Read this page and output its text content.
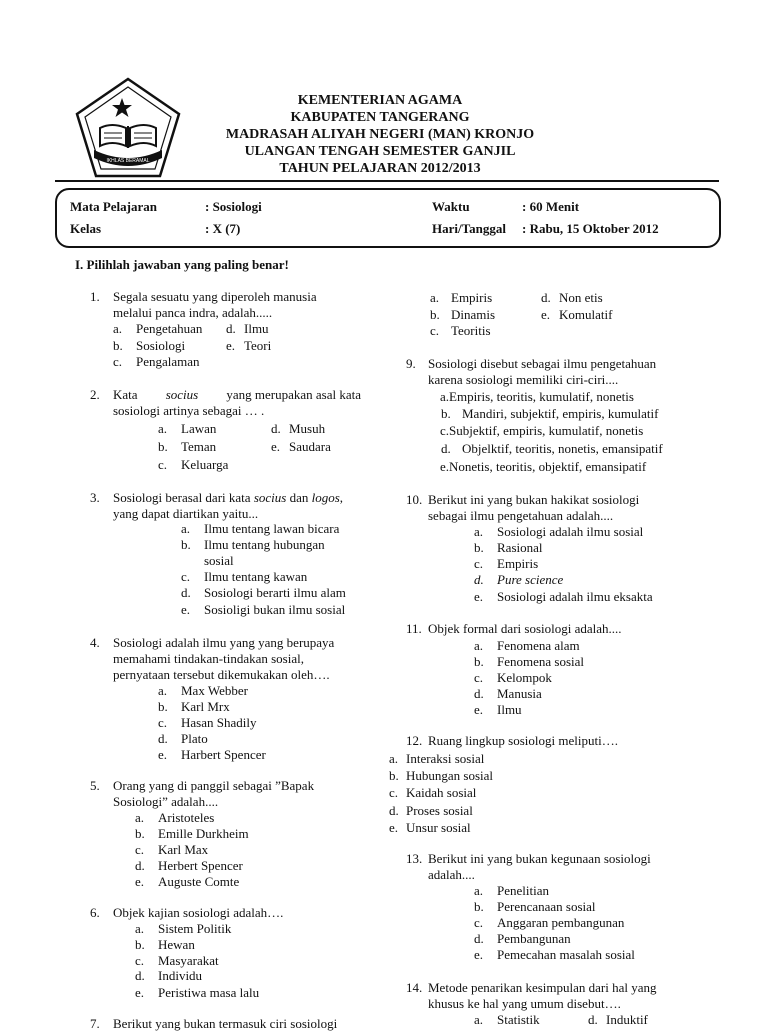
IKHLAS BERAMAL
KEMENTERIAN AGAMA
KABUPATEN TANGERANG
MADRASAH ALIYAH NEGERI (MAN) KRONJO
ULANGAN TENGAH SEMESTER GANJIL
TAHUN PELAJARAN 2012/2013
Mata Pelajaran	: Sosiologi	Waktu	: 60 Menit
Kelas	: X (7)	Hari/Tanggal : Rabu, 15 Oktober 2012
I. Pilihlah jawaban yang paling benar!
1. Segala sesuatu yang diperoleh manusia
melalui panca indra, adalah.....
a. Pengetahuan d. Ilmu
b. Sosiologi	e. Teori
c. Pengalaman
2. Kata socius yang merupakan asal kata
sosiologi artinya sebagai … .
a. Lawan	d. Musuh
b. Teman	e. Saudara
c. Keluarga
3. Sosiologi berasal dari kata socius dan logos,
yang dapat diartikan yaitu...
a. Ilmu tentang lawan bicara
b. Ilmu tentang hubungan
sosial
c. Ilmu tentang kawan
d. Sosiologi berarti ilmu alam
e. Sosioligi bukan ilmu sosial
4. Sosiologi adalah ilmu yang yang berupaya
memahami tindakan-tindakan sosial,
pernyataan tersebut dikemukakan oleh….
a. Max Webber
b. Karl Mrx
c. Hasan Shadily
d. Plato
e. Harbert Spencer
5. Orang yang di panggil sebagai ”Bapak
Sosiologi” adalah....
a. Aristoteles
b. Emille Durkheim
c. Karl Max
d. Herbert Spencer
e. Auguste Comte
6. Objek kajian sosiologi adalah….
a. Sistem Politik
b. Hewan
c. Masyarakat
d. Individu
e. Peristiwa masa lalu
7. Berikut yang bukan termasuk ciri sosiologi
a. Empiris	d. Non etis
b. Dinamis	e. Komulatif
c. Teoritis
9. Sosiologi disebut sebagai ilmu pengetahuan
karena sosiologi memiliki ciri-ciri....
a.Empiris, teoritis, kumulatif, nonetis
b. Mandiri, subjektif, empiris, kumulatif
c.Subjektif, empiris, kumulatif, nonetis
d. Objelktif, teoritis, nonetis, emansipatif
e.Nonetis, teoritis, objektif, emansipatif
10. Berikut ini yang bukan hakikat sosiologi
sebagai ilmu pengetahuan adalah....
a. Sosiologi adalah ilmu sosial
b. Rasional
c. Empiris
d. Pure science
e. Sosiologi adalah ilmu eksakta
11. Objek formal dari sosiologi adalah....
a. Fenomena alam
b. Fenomena sosial
c. Kelompok
d. Manusia
e. Ilmu
12. Ruang lingkup sosiologi meliputi….
a. Interaksi sosial
b. Hubungan sosial
c. Kaidah sosial
d. Proses sosial
e. Unsur sosial
13. Berikut ini yang bukan kegunaan sosiologi
adalah....
a. Penelitian
b. Perencanaan sosial
c. Anggaran pembangunan
d. Pembangunan
e. Pemecahan masalah sosial
14. Metode penarikan kesimpulan dari hal yang
khusus ke hal yang umum disebut….
a. Statistik	d. Induktif
